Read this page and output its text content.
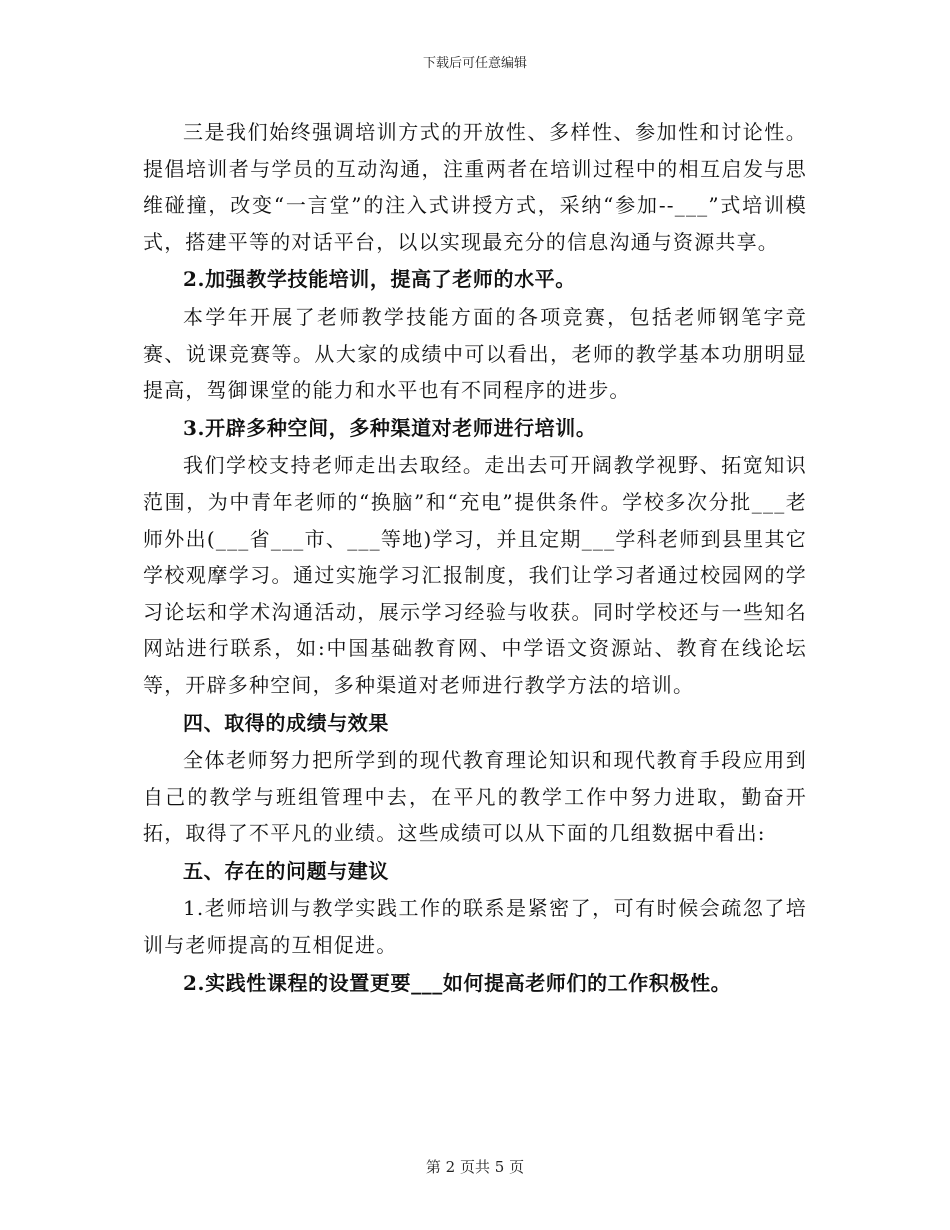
下载后可任意编辑

三是我们始终强调培训方式的开放性、多样性、参加性和讨论性。提倡培训者与学员的互动沟通，注重两者在培训过程中的相互启发与思维碰撞，改变“一言堂”的注入式讲授方式，采纳“参加--___”式培训模式，搭建平等的对话平台，以以实现最充分的信息沟通与资源共享。

2.加强教学技能培训，提高了老师的水平。

本学年开展了老师教学技能方面的各项竞赛，包括老师钢笔字竞赛、说课竞赛等。从大家的成绩中可以看出，老师的教学基本功朋明显提高，驾御课堂的能力和水平也有不同程序的进步。

3.开辟多种空间，多种渠道对老师进行培训。

我们学校支持老师走出去取经。走出去可开阔教学视野、拓宽知识范围，为中青年老师的“换脑”和“充电”提供条件。学校多次分批___老师外出(___省___市、___等地)学习，并且定期___学科老师到县里其它学校观摩学习。通过实施学习汇报制度，我们让学习者通过校园网的学习论坛和学术沟通活动，展示学习经验与收获。同时学校还与一些知名网站进行联系，如:中国基础教育网、中学语文资源站、教育在线论坛等，开辟多种空间，多种渠道对老师进行教学方法的培训。

四、取得的成绩与效果

全体老师努力把所学到的现代教育理论知识和现代教育手段应用到自己的教学与班组管理中去，在平凡的教学工作中努力进取，勤奋开拓，取得了不平凡的业绩。这些成绩可以从下面的几组数据中看出:

五、存在的问题与建议

1.老师培训与教学实践工作的联系是紧密了，可有时候会疏忽了培训与老师提高的互相促进。

2.实践性课程的设置更要___如何提高老师们的工作积极性。

第 2 页共 5 页
